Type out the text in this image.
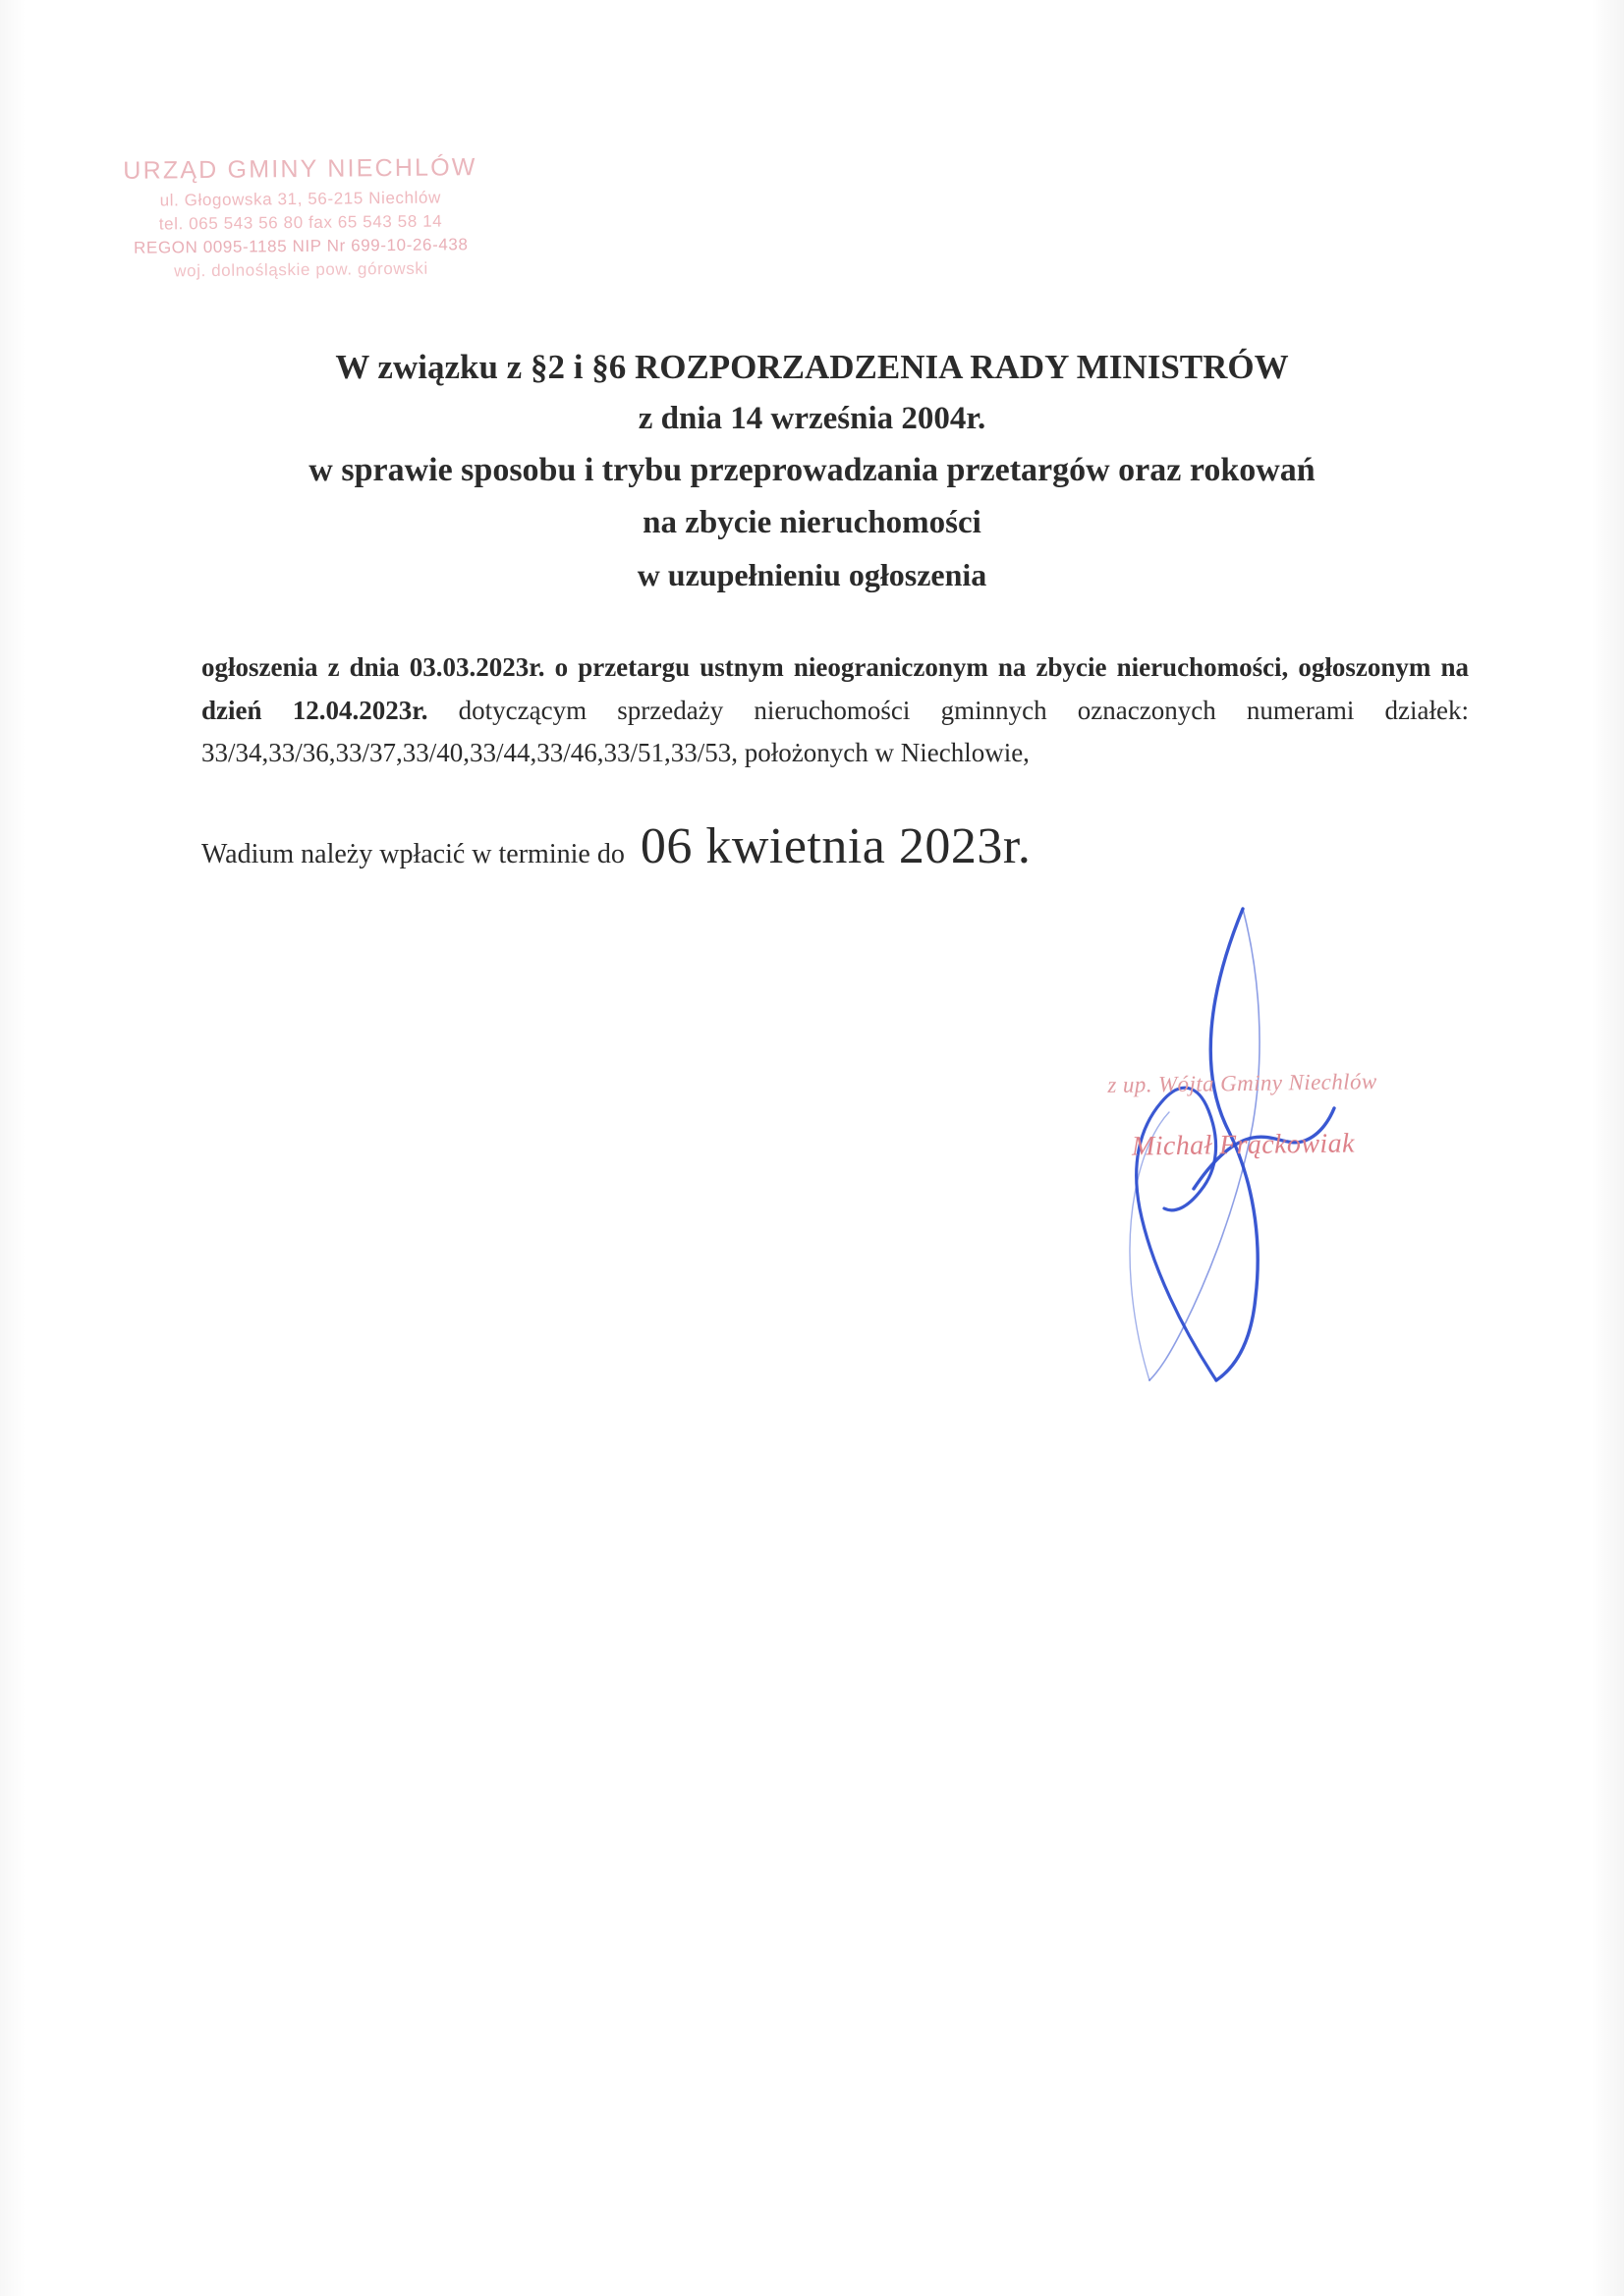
URZĄD GMINY NIECHLÓW
ul. Głogowska 31, 56-215 Niechlów
tel. 065 543 56 80 fax 65 543 58 14
REGON 0095-1185 NIP Nr 699-10-26-438
woj. dolnośląskie pow. górowski
W związku z §2 i §6 ROZPORZADZENIA RADY MINISTRÓW
z dnia 14 września 2004r.
w sprawie sposobu i trybu przeprowadzania przetargów oraz rokowań
na zbycie nieruchomości
w uzupełnieniu ogłoszenia
ogłoszenia z dnia 03.03.2023r. o przetargu ustnym nieograniczonym na zbycie nieruchomości, ogłoszonym na dzień 12.04.2023r. dotyczącym sprzedaży nieruchomości gminnych oznaczonych numerami działek: 33/34,33/36,33/37,33/40,33/44,33/46,33/51,33/53, położonych w Niechlowie,
Wadium należy wpłacić w terminie do 06 kwietnia 2023r.
z up. Wójta Gminy Niechlów
Michał Frąckowiak
